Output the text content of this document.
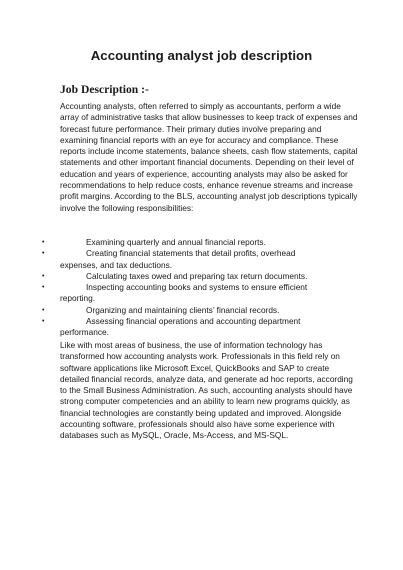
Accounting analyst job description
Job Description :-
Accounting analysts, often referred to simply as accountants, perform a wide array of administrative tasks that allow businesses to keep track of expenses and forecast future performance. Their primary duties involve preparing and examining financial reports with an eye for accuracy and compliance. These reports include income statements, balance sheets, cash flow statements, capital statements and other important financial documents. Depending on their level of education and years of experience, accounting analysts may also be asked for recommendations to help reduce costs, enhance revenue streams and increase profit margins. According to the BLS, accounting analyst job descriptions typically involve the following responsibilities:
•	Examining quarterly and annual financial reports.
•	Creating financial statements that detail profits, overhead expenses, and tax deductions.
•	Calculating taxes owed and preparing tax return documents.
•	Inspecting accounting books and systems to ensure efficient reporting.
•	Organizing and maintaining clients’ financial records.
•	Assessing financial operations and accounting department performance.
Like with most areas of business, the use of information technology has transformed how accounting analysts work. Professionals in this field rely on software applications like Microsoft Excel, QuickBooks and SAP to create detailed financial records, analyze data, and generate ad hoc reports, according to the Small Business Administration. As such, accounting analysts should have strong computer competencies and an ability to learn new programs quickly, as financial technologies are constantly being updated and improved. Alongside accounting software, professionals should also have some experience with databases such as MySQL, Oracle, Ms-Access, and MS-SQL.
